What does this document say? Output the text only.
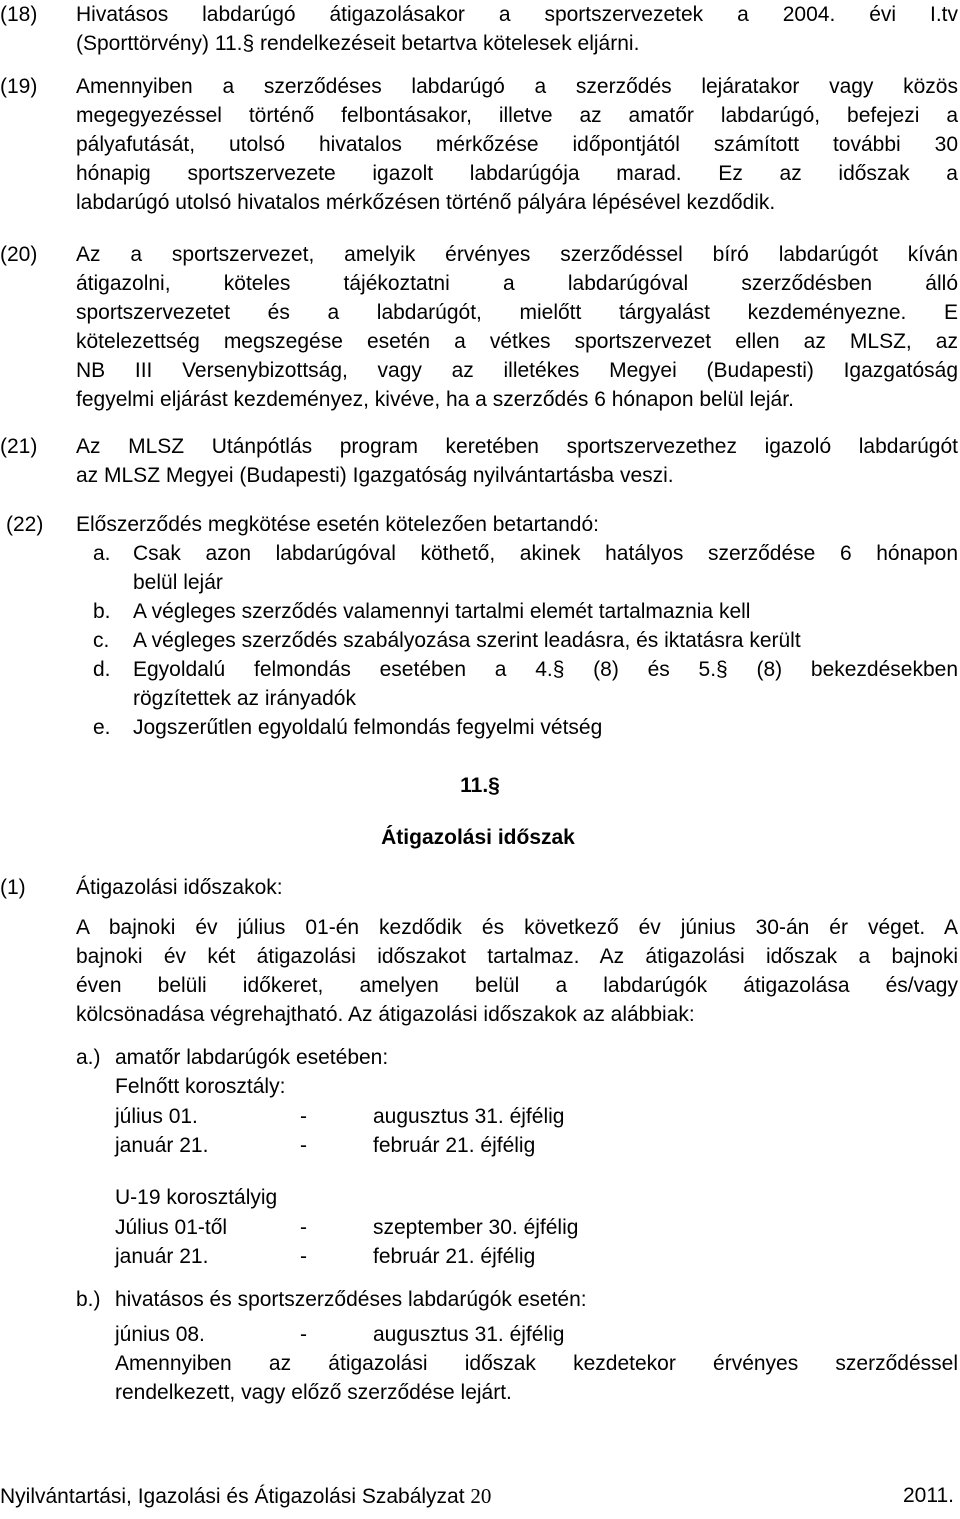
(18)	Hivatásos labdarúgó átigazolásakor a sportszervezetek a 2004. évi I.tv
(Sporttörvény) 11.§ rendelkezéseit betartva kötelesek eljárni.
(19)	Amennyiben a szerződéses labdarúgó a szerződés lejáratakor vagy közös
megegyezéssel történő felbontásakor, illetve az amatőr labdarúgó, befejezi a
pályafutását, utolsó hivatalos mérkőzése időpontjától számított további 30
hónapig sportszervezete igazolt labdarúgója marad. Ez az időszak a
labdarúgó utolsó hivatalos mérkőzésen történő pályára lépésével kezdődik.
(20)	Az a sportszervezet, amelyik érvényes szerződéssel bíró labdarúgót kíván
átigazolni, köteles tájékoztatni a labdarúgóval szerződésben álló
sportszervezetet és a labdarúgót, mielőtt tárgyalást kezdeményezne. E
kötelezettség megszegése esetén a vétkes sportszervezet ellen az MLSZ, az
NB III Versenybizottság, vagy az illetékes Megyei (Budapesti) Igazgatóság
fegyelmi eljárást kezdeményez, kivéve, ha a szerződés 6 hónapon belül lejár.
(21)	Az MLSZ Utánpótlás program keretében sportszervezethez igazoló labdarúgót
az MLSZ Megyei (Budapesti) Igazgatóság nyilvántartásba veszi.
(22)	Előszerződés megkötése esetén kötelezően betartandó:
a.	Csak azon labdarúgóval köthető, akinek hatályos szerződése 6 hónapon
belül lejár
b.	A végleges szerződés valamennyi tartalmi elemét tartalmaznia kell
c.	A végleges szerződés szabályozása szerint leadásra, és iktatásra került
d.	Egyoldalú felmondás esetében a 4.§ (8) és 5.§ (8) bekezdésekben
rögzítettek az irányadók
e.	Jogszerűtlen egyoldalú felmondás fegyelmi vétség
11.§
Átigazolási időszak
(1) Átigazolási időszakok:
A bajnoki év július 01-én kezdődik és következő év június 30-án ér véget. A
bajnoki év két átigazolási időszakot tartalmaz. Az átigazolási időszak a bajnoki
éven belüli időkeret, amelyen belül a labdarúgók átigazolása és/vagy
kölcsönadása végrehajtható. Az átigazolási időszakok az alábbiak:
a.) amatőr labdarúgók esetében:
Felnőtt korosztály:
július 01.	-	augusztus 31. éjfélig
január 21.	-	február 21. éjfélig
U-19 korosztályig
Július 01-től	-	szeptember 30. éjfélig
január 21.	-	február 21. éjfélig
b.) hivatásos és sportszerződéses labdarúgók esetén:
június 08.	-	augusztus 31. éjfélig
Amennyiben az átigazolási időszak kezdetekor érvényes szerződéssel
rendelkezett, vagy előző szerződése lejárt.
Nyilvántartási, Igazolási és Átigazolási Szabályzat 20	2011.
